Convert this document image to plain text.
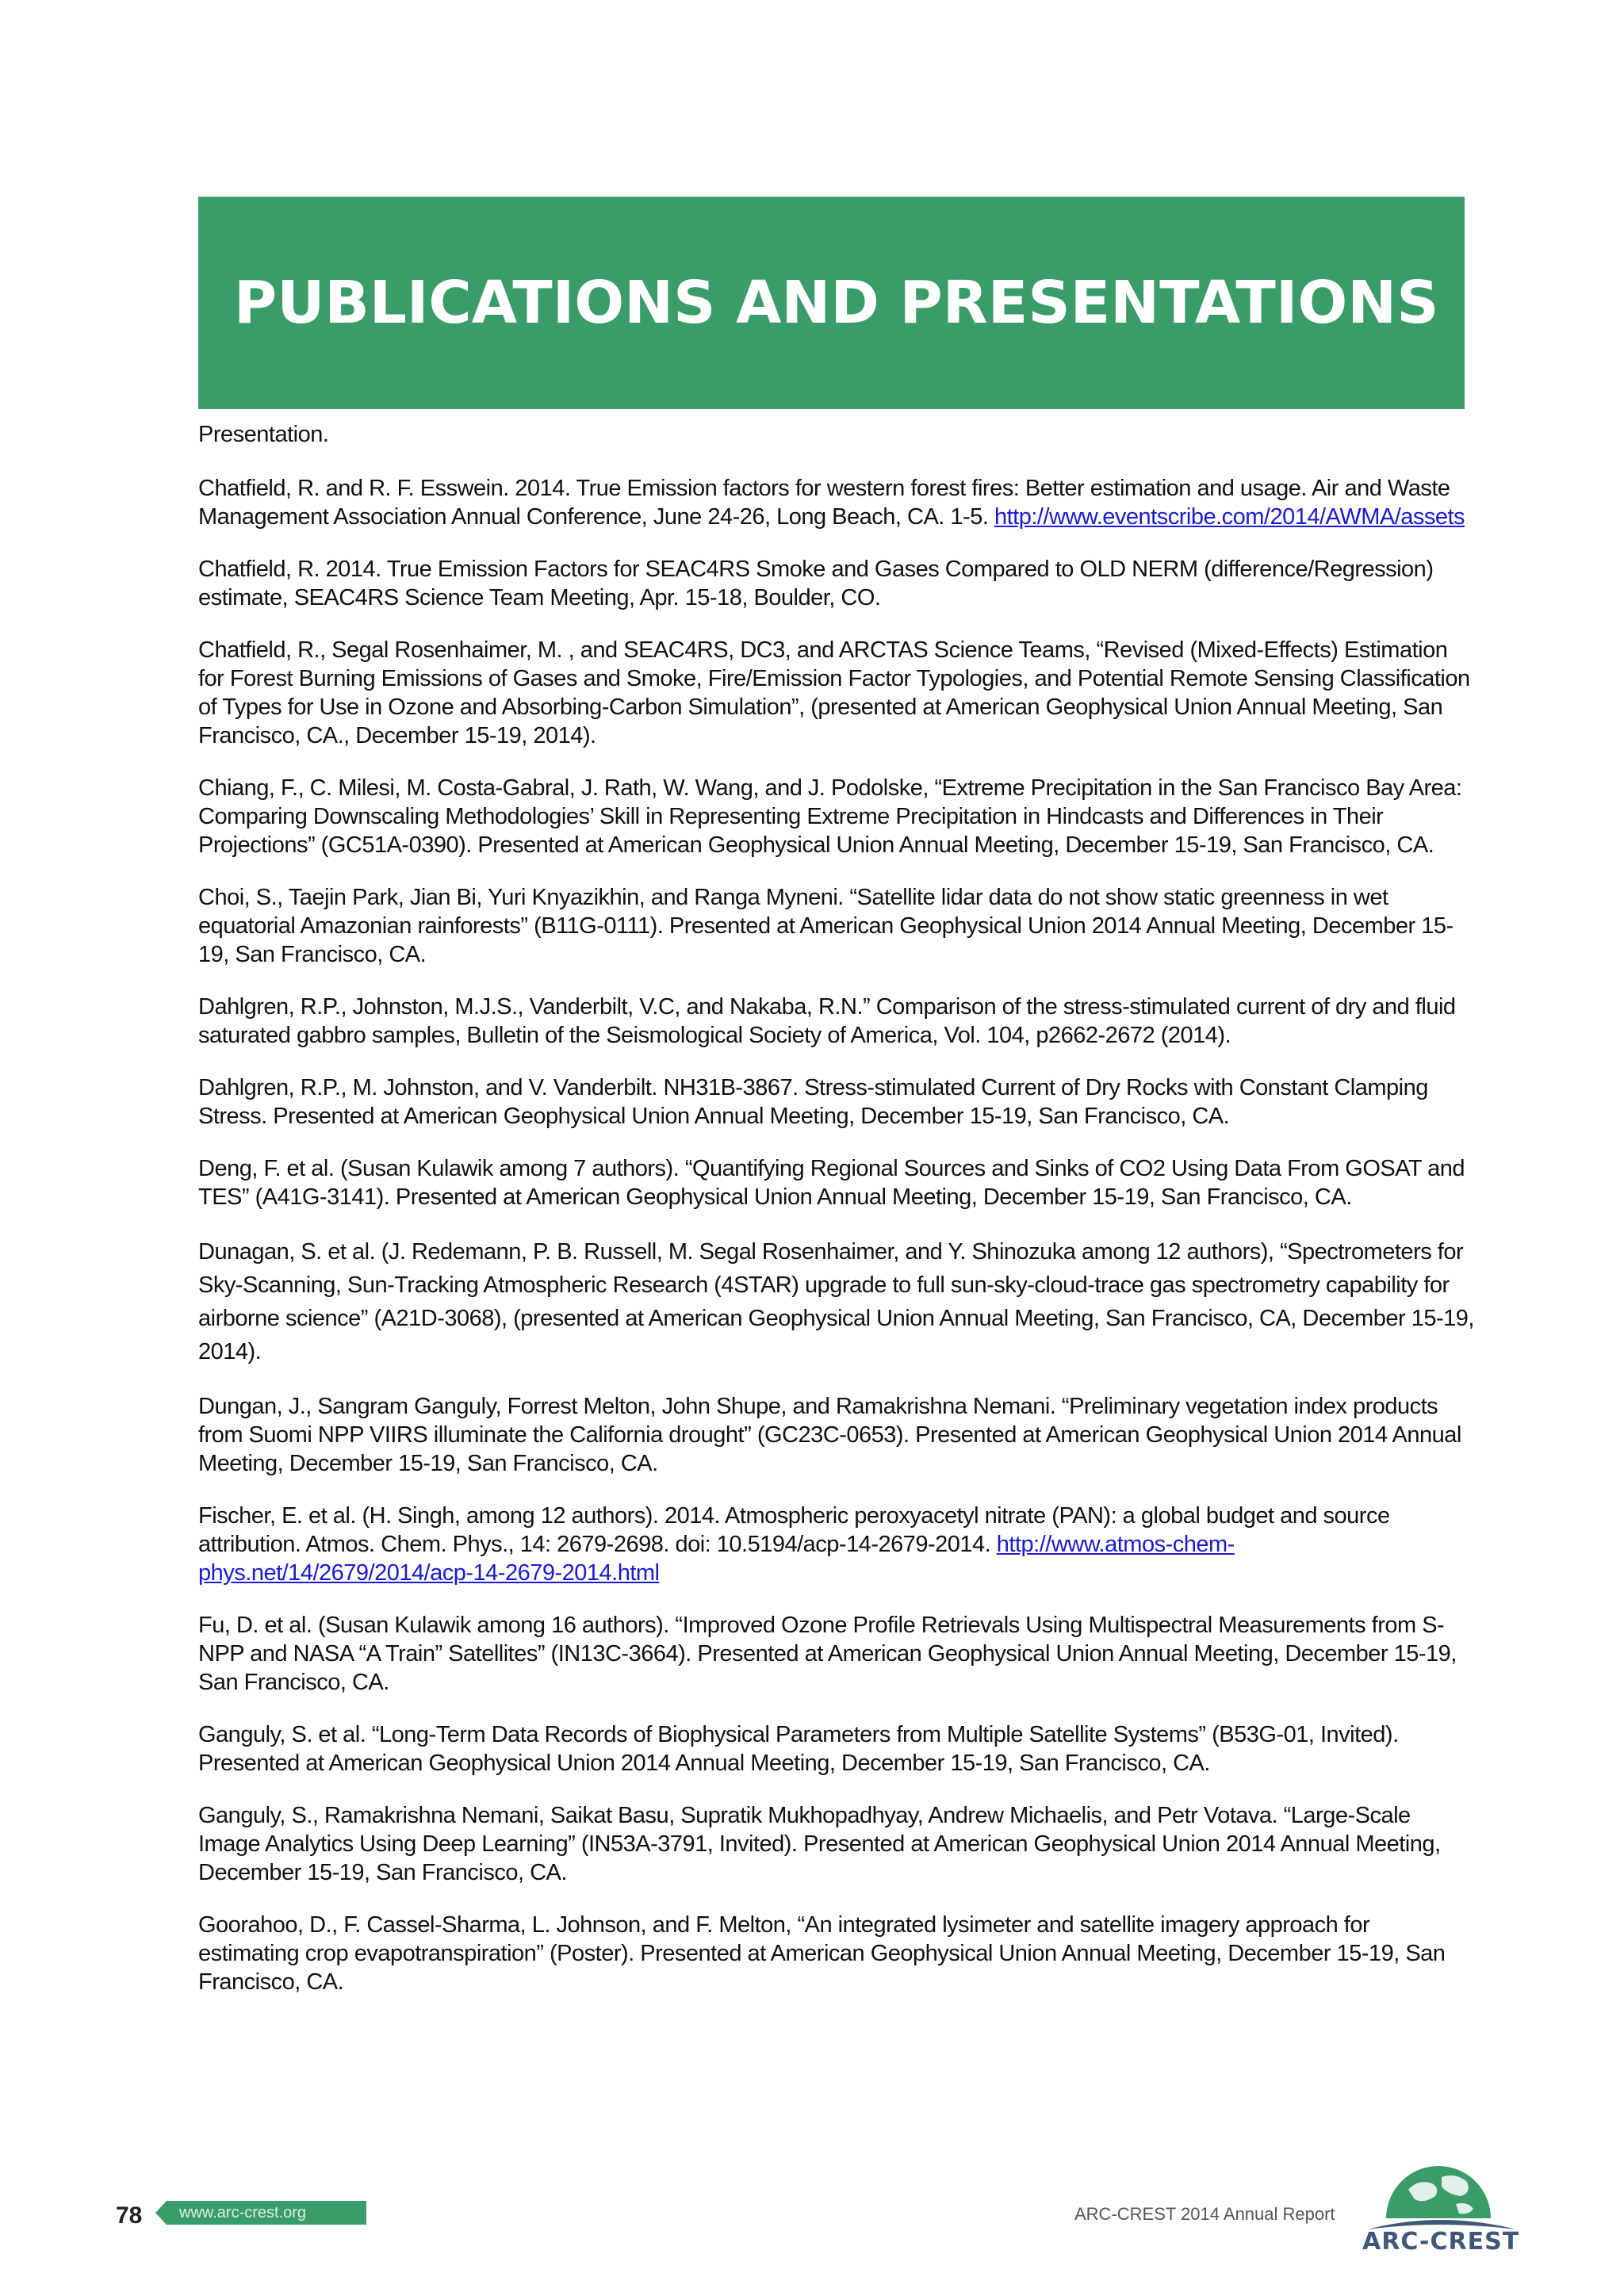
PUBLICATIONS AND PRESENTATIONS

Presentation.

Chatfield, R. and R. F. Esswein. 2014. True Emission factors for western forest fires: Better estimation and usage. Air and Waste Management Association Annual Conference, June 24-26, Long Beach, CA. 1-5. http://www.eventscribe.com/2014/AWMA/assets

Chatfield, R. 2014. True Emission Factors for SEAC4RS Smoke and Gases Compared to OLD NERM (difference/Regression) estimate, SEAC4RS Science Team Meeting, Apr. 15-18, Boulder, CO.

Chatfield, R., Segal Rosenhaimer, M. , and SEAC4RS, DC3, and ARCTAS Science Teams, “Revised (Mixed-Effects) Estimation for Forest Burning Emissions of Gases and Smoke, Fire/Emission Factor Typologies, and Potential Remote Sensing Classification of Types for Use in Ozone and Absorbing-Carbon Simulation”, (presented at American Geophysical Union Annual Meeting, San Francisco, CA., December 15-19, 2014).

Chiang, F., C. Milesi, M. Costa-Gabral, J. Rath, W. Wang, and J. Podolske, “Extreme Precipitation in the San Francisco Bay Area: Comparing Downscaling Methodologies’ Skill in Representing Extreme Precipitation in Hindcasts and Differences in Their Projections” (GC51A-0390). Presented at American Geophysical Union Annual Meeting, December 15-19, San Francisco, CA.

Choi, S., Taejin Park, Jian Bi, Yuri Knyazikhin, and Ranga Myneni. “Satellite lidar data do not show static greenness in wet equatorial Amazonian rainforests” (B11G-0111). Presented at American Geophysical Union 2014 Annual Meeting, December 15-19, San Francisco, CA.

Dahlgren, R.P., Johnston, M.J.S., Vanderbilt, V.C, and Nakaba, R.N.” Comparison of the stress-stimulated current of dry and fluid saturated gabbro samples, Bulletin of the Seismological Society of America, Vol. 104, p2662-2672 (2014).

Dahlgren, R.P., M. Johnston, and V. Vanderbilt. NH31B-3867. Stress-stimulated Current of Dry Rocks with Constant Clamping Stress. Presented at American Geophysical Union Annual Meeting, December 15-19, San Francisco, CA.

Deng, F. et al. (Susan Kulawik among 7 authors). “Quantifying Regional Sources and Sinks of CO2 Using Data From GOSAT and TES” (A41G-3141). Presented at American Geophysical Union Annual Meeting, December 15-19, San Francisco, CA.

Dunagan, S. et al. (J. Redemann, P. B. Russell, M. Segal Rosenhaimer, and Y. Shinozuka among 12 authors), “Spectrometers for Sky-Scanning, Sun-Tracking Atmospheric Research (4STAR) upgrade to full sun-sky-cloud-trace gas spectrometry capability for airborne science” (A21D-3068), (presented at American Geophysical Union Annual Meeting, San Francisco, CA, December 15-19, 2014).

Dungan, J., Sangram Ganguly, Forrest Melton, John Shupe, and Ramakrishna Nemani. “Preliminary vegetation index products from Suomi NPP VIIRS illuminate the California drought” (GC23C-0653). Presented at American Geophysical Union 2014 Annual Meeting, December 15-19, San Francisco, CA.

Fischer, E. et al. (H. Singh, among 12 authors). 2014. Atmospheric peroxyacetyl nitrate (PAN): a global budget and source attribution. Atmos. Chem. Phys., 14: 2679-2698. doi: 10.5194/acp-14-2679-2014. http://www.atmos-chem-phys.net/14/2679/2014/acp-14-2679-2014.html

Fu, D. et al. (Susan Kulawik among 16 authors). “Improved Ozone Profile Retrievals Using Multispectral Measurements from S-NPP and NASA “A Train” Satellites” (IN13C-3664). Presented at American Geophysical Union Annual Meeting, December 15-19, San Francisco, CA.

Ganguly, S. et al. “Long-Term Data Records of Biophysical Parameters from Multiple Satellite Systems” (B53G-01, Invited). Presented at American Geophysical Union 2014 Annual Meeting, December 15-19, San Francisco, CA.

Ganguly, S., Ramakrishna Nemani, Saikat Basu, Supratik Mukhopadhyay, Andrew Michaelis, and Petr Votava. “Large-Scale Image Analytics Using Deep Learning” (IN53A-3791, Invited). Presented at American Geophysical Union 2014 Annual Meeting, December 15-19, San Francisco, CA.

Goorahoo, D., F. Cassel-Sharma, L. Johnson, and F. Melton, “An integrated lysimeter and satellite imagery approach for estimating crop evapotranspiration” (Poster). Presented at American Geophysical Union Annual Meeting, December 15-19, San Francisco, CA.

78 www.arc-crest.org	ARC-CREST 2014 Annual Report
ARC-CREST
